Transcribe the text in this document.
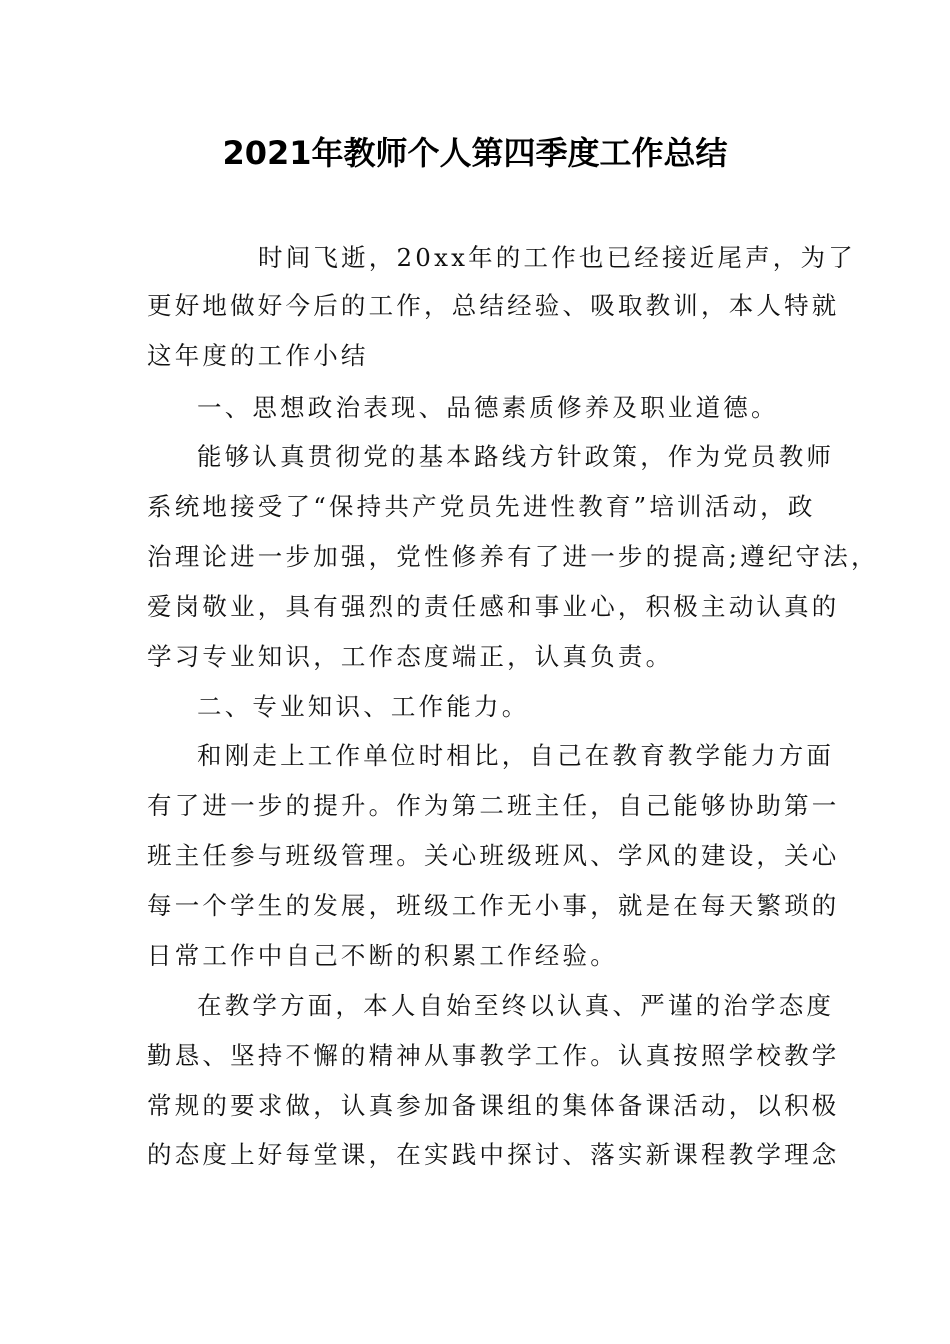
2021年教师个人第四季度工作总结
时间飞逝，20xx年的工作也已经接近尾声，为了
更好地做好今后的工作，总结经验、吸取教训，本人特就
这年度的工作小结
一、思想政治表现、品德素质修养及职业道德。
能够认真贯彻党的基本路线方针政策，作为党员教师
系统地接受了“保持共产党员先进性教育”培训活动，政
治理论进一步加强，党性修养有了进一步的提高;遵纪守法，
爱岗敬业，具有强烈的责任感和事业心，积极主动认真的
学习专业知识，工作态度端正，认真负责。
二、专业知识、工作能力。
和刚走上工作单位时相比，自己在教育教学能力方面
有了进一步的提升。作为第二班主任，自己能够协助第一
班主任参与班级管理。关心班级班风、学风的建设，关心
每一个学生的发展，班级工作无小事，就是在每天繁琐的
日常工作中自己不断的积累工作经验。
在教学方面，本人自始至终以认真、严谨的治学态度
勤恳、坚持不懈的精神从事教学工作。认真按照学校教学
常规的要求做，认真参加备课组的集体备课活动，以积极
的态度上好每堂课，在实践中探讨、落实新课程教学理念
